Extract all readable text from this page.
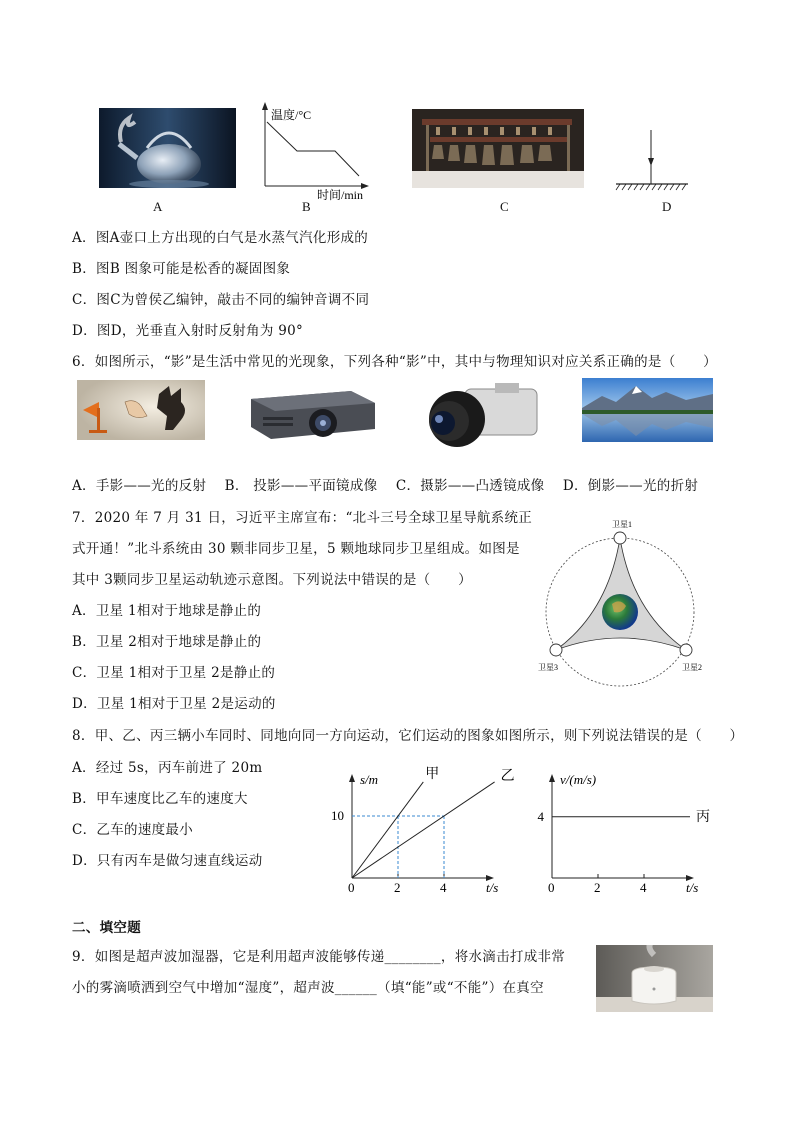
A
温度/°C
时间/min
B	C	D
A．图A壶口上方出现的白气是水蒸气汽化形成的
B．图B 图象可能是松香的凝固图象
C．图C为曾侯乙编钟，敲击不同的编钟音调不同
D．图D，光垂直入射时反射角为 90°
6．如图所示，“影”是生活中常见的光现象，下列各种“影”中，其中与物理知识对应关系正确的是（　　）
A．手影——光的反射　 B． 投影——平面镜成像　 C．摄影——凸透镜成像　 D．倒影——光的折射
7．2020 年 7 月 31 日，习近平主席宣布：“北斗三号全球卫星导航系统正
式开通！”北斗系统由 30 颗非同步卫星，5 颗地球同步卫星组成。如图是
其中 3颗同步卫星运动轨迹示意图。下列说法中错误的是（　　）
A．卫星 1相对于地球是静止的
B．卫星 2相对于地球是静止的
C．卫星 1相对于卫星 2是静止的
D．卫星 1相对于卫星 2是运动的
卫星1
卫星2
卫星3
8．甲、乙、丙三辆小车同时、同地向同一方向运动，它们运动的图象如图所示，则下列说法错误的是（　　）
A．经过 5s，丙车前进了 20m
B．甲车速度比乙车的速度大
C．乙车的速度最小
D．只有丙车是做匀速直线运动
s/m
t/s
0	2	4
10
甲	乙	v/(m/s)
t/s
0	2	4
4	丙
二、填空题
9．如图是超声波加湿器，它是利用超声波能够传递________，将水滴击打成非常
小的雾滴喷洒到空气中增加“湿度”，超声波______（填“能”或“不能”）在真空
